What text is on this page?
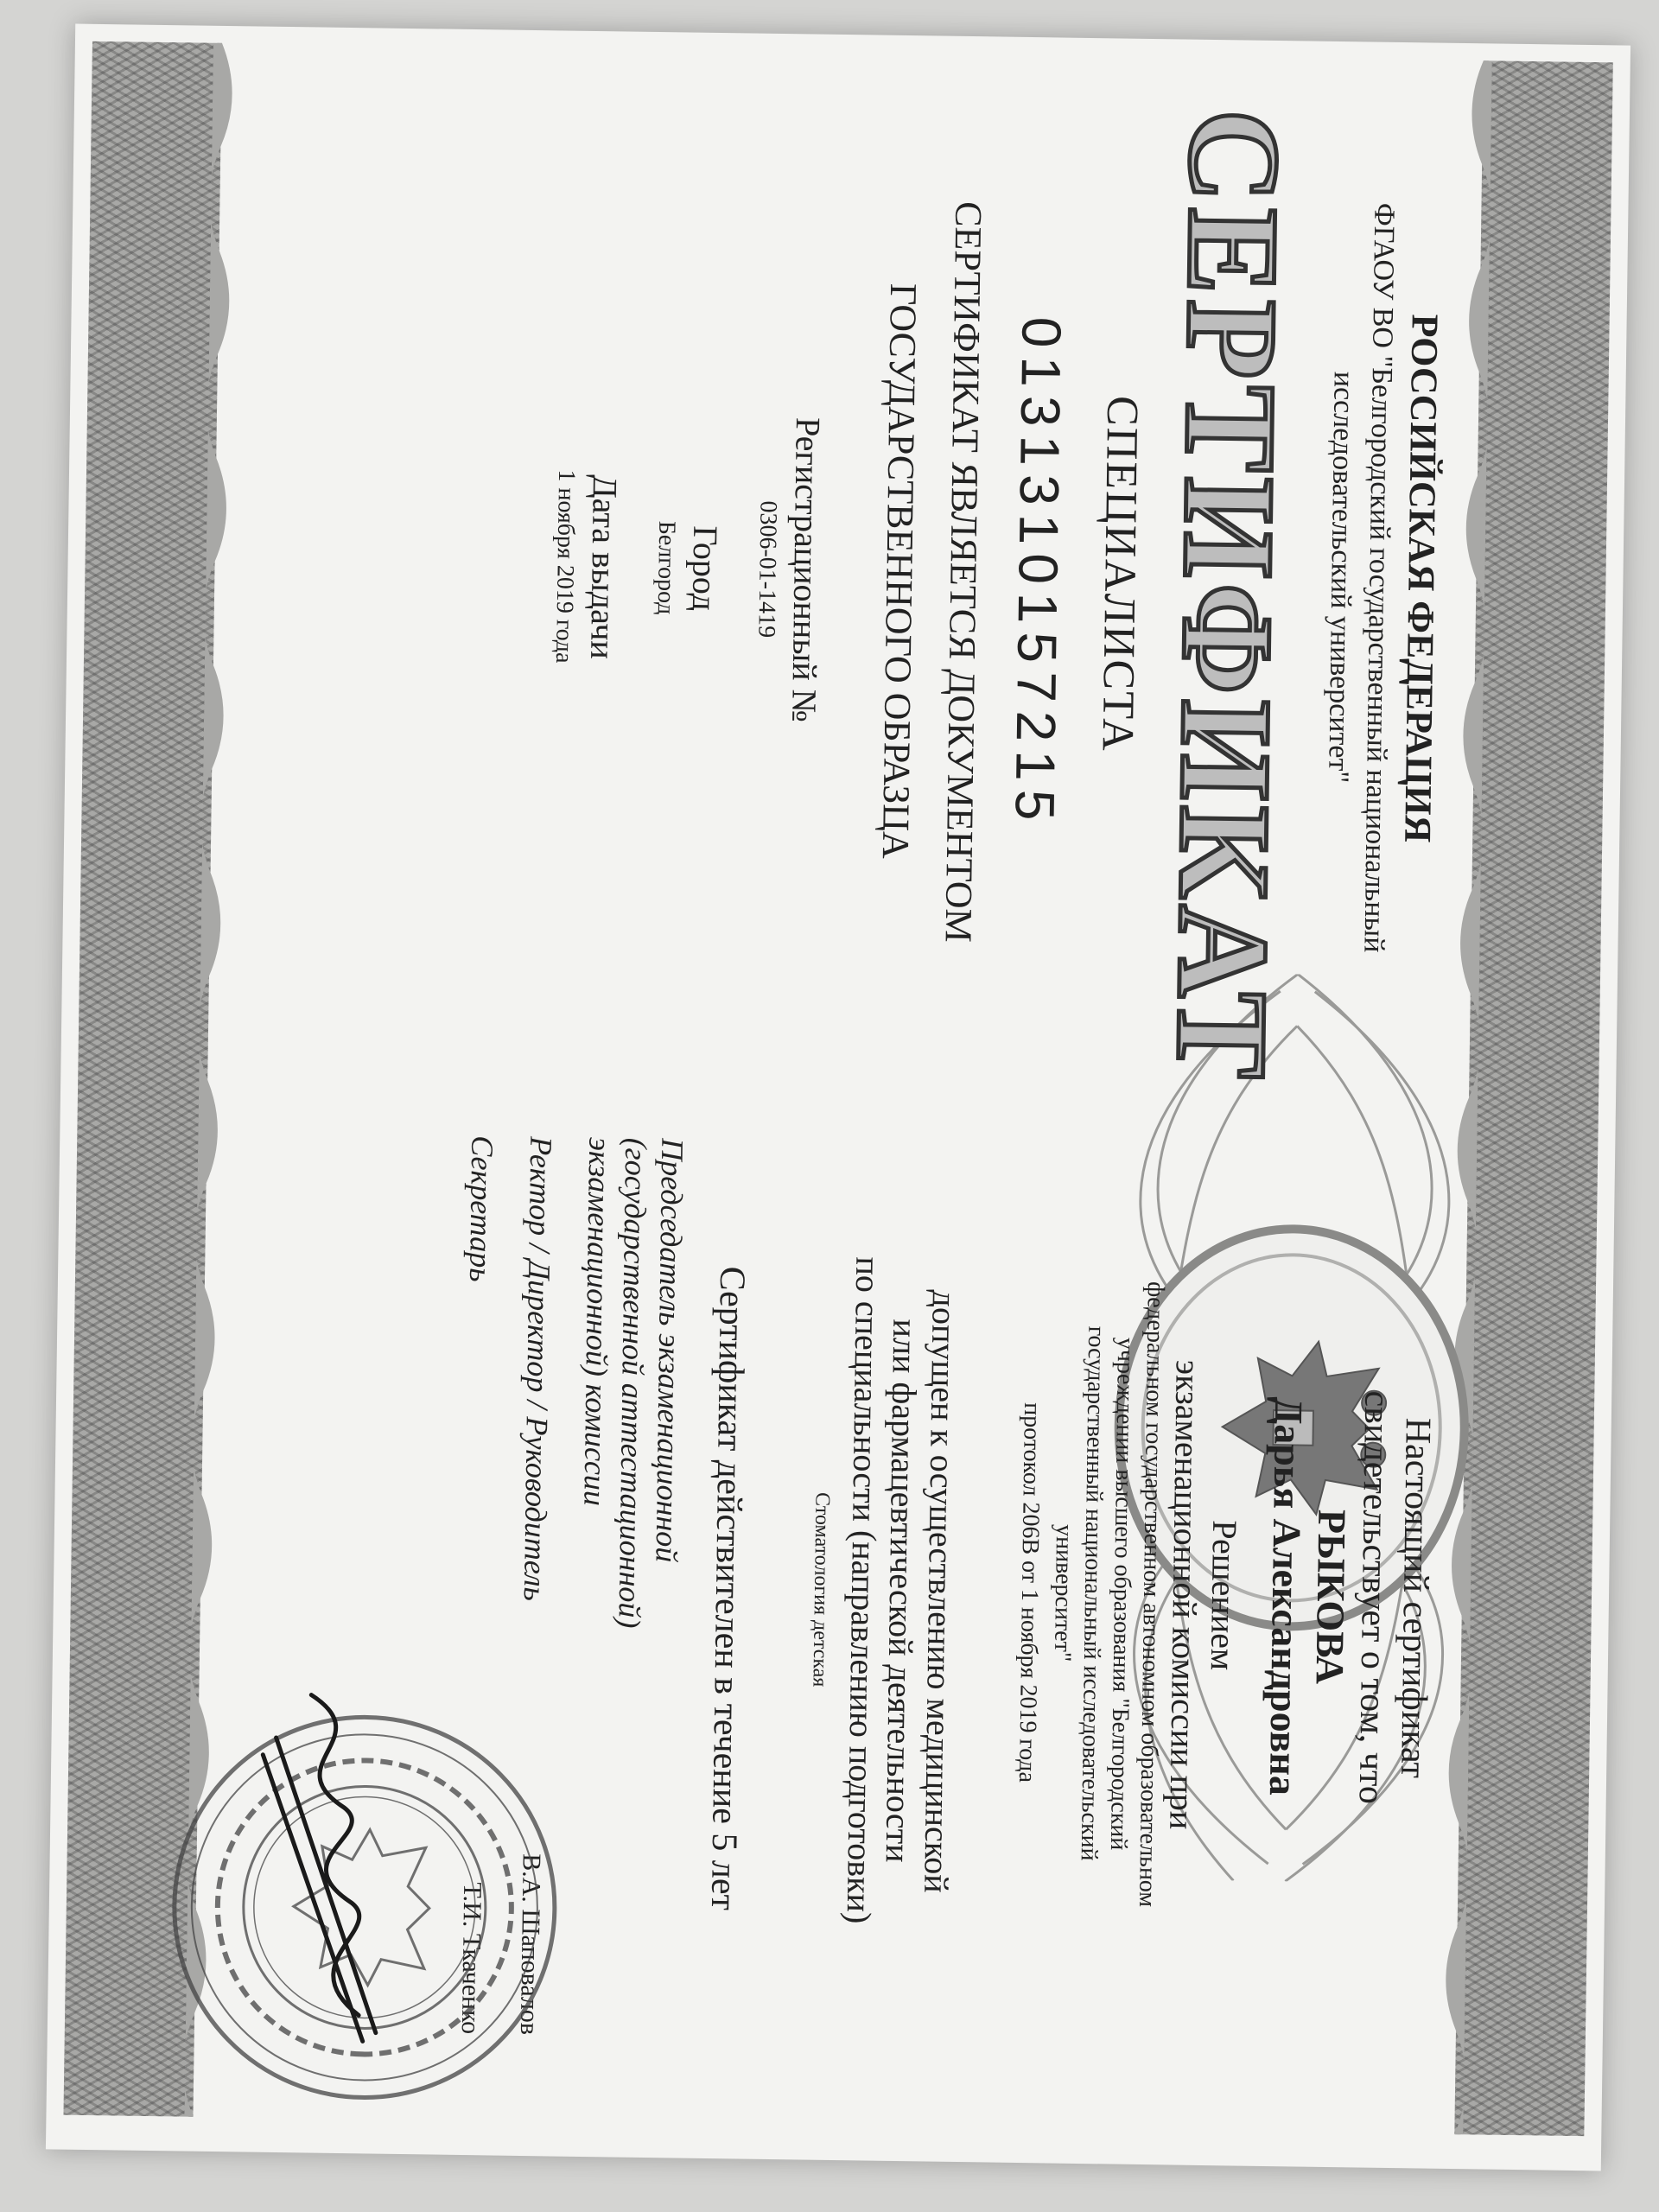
РОССИЙСКАЯ ФЕДЕРАЦИЯ
ФГАОУ ВО "Белгородский государственный национальный
исследовательский университет"
СЕРТИФИКАТ
СПЕЦИАЛИСТА
0131310157215
СЕРТИФИКАТ ЯВЛЯЕТСЯ ДОКУМЕНТОМ
ГОСУДАРСТВЕННОГО ОБРАЗЦА
Регистрационный №
0306-01-1419
Город
Белгород
Дата выдачи
1 ноября 2019 года
Настоящий сертификат
свидетельствует о том, что
РЫКОВА
Дарья Александровна
Решением
экзаменационной комиссии при
федеральном государственном автономном образовательном
учреждении высшего образования "Белгородский
государственный национальный исследовательский
университет"
протокол 206В от 1 ноября 2019 года
допущен к осуществлению медицинской
или фармацевтической деятельности
по специальности (направлению подготовки)
Стоматология детская
Сертификат действителен в течение 5 лет
Председатель экзаменационной
(государственной аттестационной)
экзаменационной) комиссии
Ректор / Директор / Руководитель
В.А. Шаповалов
Секретарь
Т.И. Ткаченко
